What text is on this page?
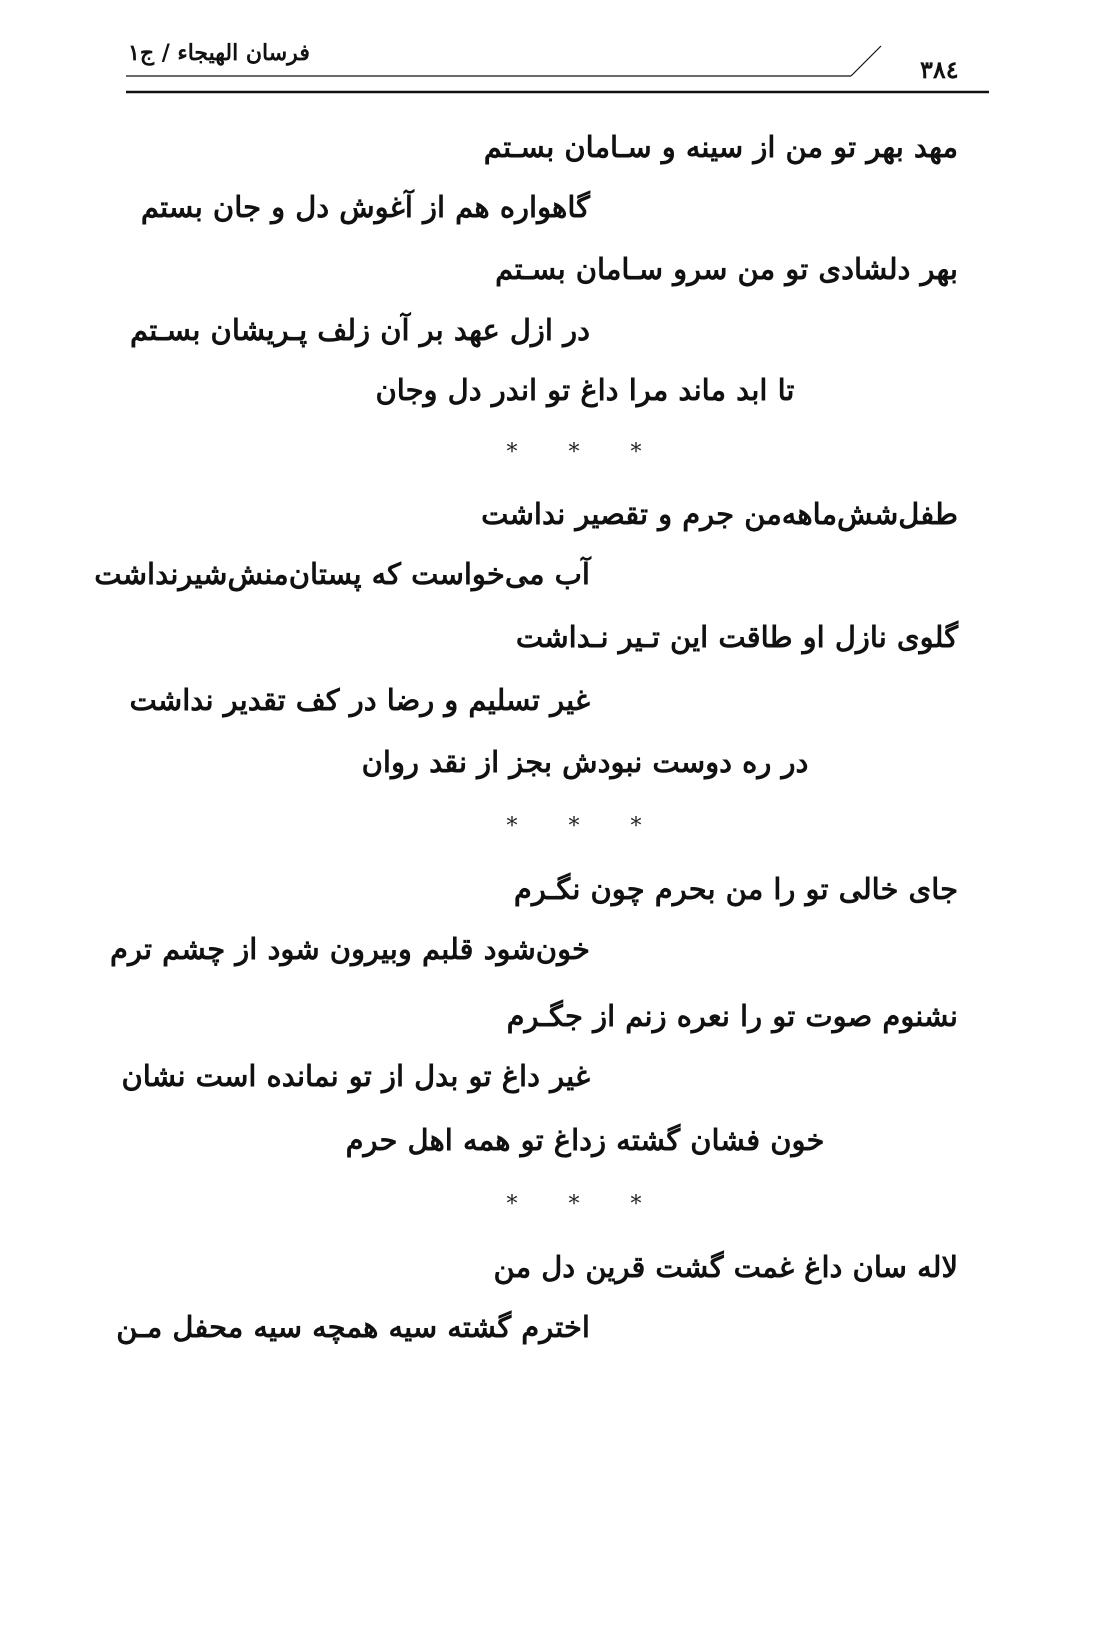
۳۸٤
فرسان الهیجاء / ج۱
مهد بهر تو من از سینه و سـامان بسـتم
گاهواره هم از آغوش دل و جان بستم
بهر دلشادی تو من سرو سـامان بسـتم
در ازل عهد بر آن زلف پـریشان بسـتم
تا ابد ماند مرا داغ تو اندر دل وجان
* * *
طفل‌شش‌ماهه‌من جرم و تقصیر نداشت
آب می‌خواست که پستان‌منش‌شیرنداشت
گلوی نازل او طاقت این تـیر نـداشت
غیر تسلیم و رضا در کف تقدیر نداشت
در ره دوست نبودش بجز از نقد روان
* * *
جای خالی تو را من بحرم چون نگـرم
خون‌شود قلبم وبیرون شود از چشم ترم
نشنوم صوت تو را نعره زنم از جگـرم
غیر داغ تو بدل از تو نمانده است نشان
خون فشان گشته زداغ تو همه اهل حرم
* * *
لاله سان داغ غمت گشت قرین دل من
اخترم گشته سیه همچه سیه محفل مـن
